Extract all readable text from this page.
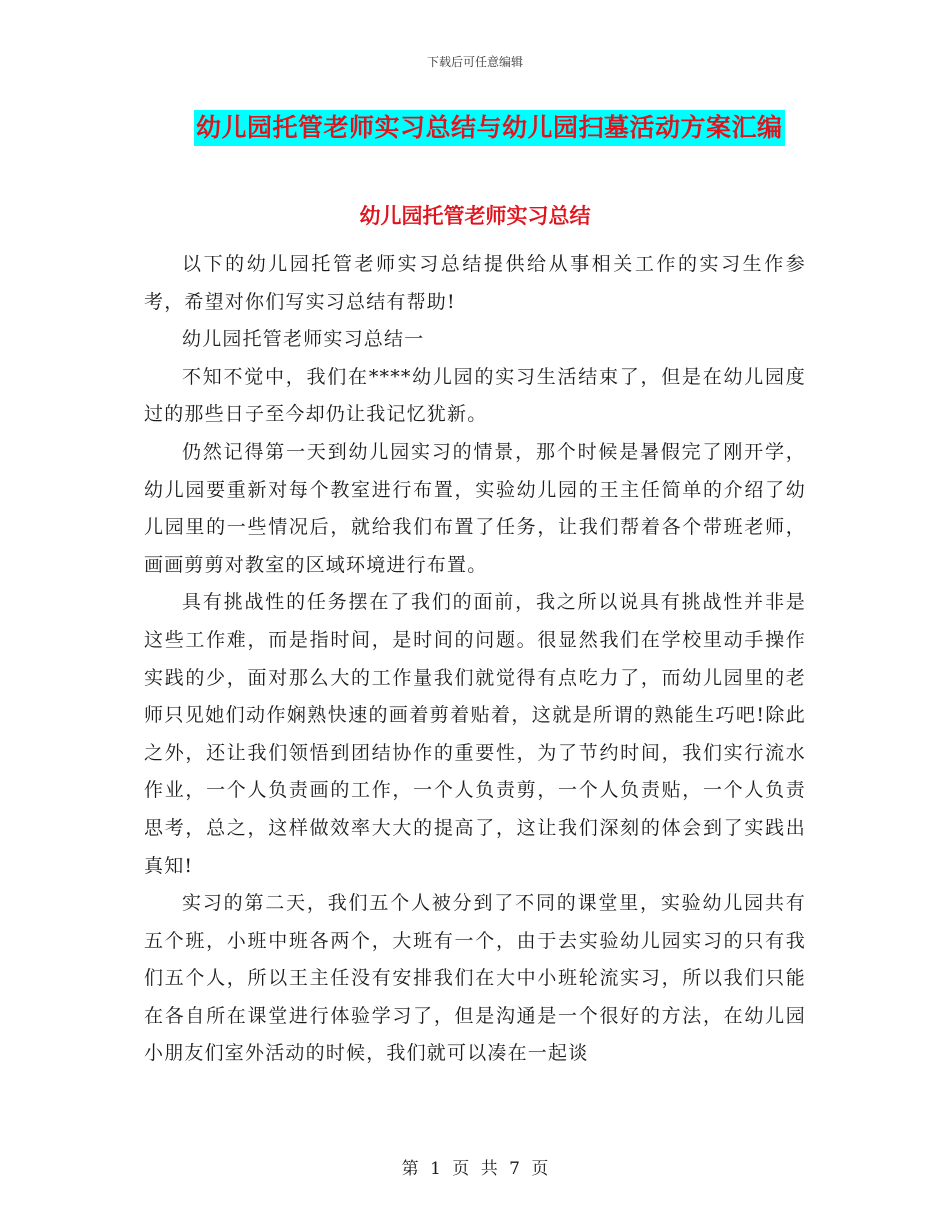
下载后可任意编辑
幼儿园托管老师实习总结与幼儿园扫墓活动方案汇编
幼儿园托管老师实习总结

以下的幼儿园托管老师实习总结提供给从事相关工作的实习生作参考，希望对你们写实习总结有帮助!

幼儿园托管老师实习总结一

不知不觉中，我们在****幼儿园的实习生活结束了，但是在幼儿园度过的那些日子至今却仍让我记忆犹新。

仍然记得第一天到幼儿园实习的情景，那个时候是暑假完了刚开学，幼儿园要重新对每个教室进行布置，实验幼儿园的王主任简单的介绍了幼儿园里的一些情况后，就给我们布置了任务，让我们帮着各个带班老师，画画剪剪对教室的区域环境进行布置。

具有挑战性的任务摆在了我们的面前，我之所以说具有挑战性并非是这些工作难，而是指时间，是时间的问题。很显然我们在学校里动手操作实践的少，面对那么大的工作量我们就觉得有点吃力了，而幼儿园里的老师只见她们动作娴熟快速的画着剪着贴着，这就是所谓的熟能生巧吧!除此之外，还让我们领悟到团结协作的重要性，为了节约时间，我们实行流水作业，一个人负责画的工作，一个人负责剪，一个人负责贴，一个人负责思考，总之，这样做效率大大的提高了，这让我们深刻的体会到了实践出真知!

实习的第二天，我们五个人被分到了不同的课堂里，实验幼儿园共有五个班，小班中班各两个，大班有一个，由于去实验幼儿园实习的只有我们五个人，所以王主任没有安排我们在大中小班轮流实习，所以我们只能在各自所在课堂进行体验学习了，但是沟通是一个很好的方法，在幼儿园小朋友们室外活动的时候，我们就可以凑在一起谈

第 1 页 共 7 页
